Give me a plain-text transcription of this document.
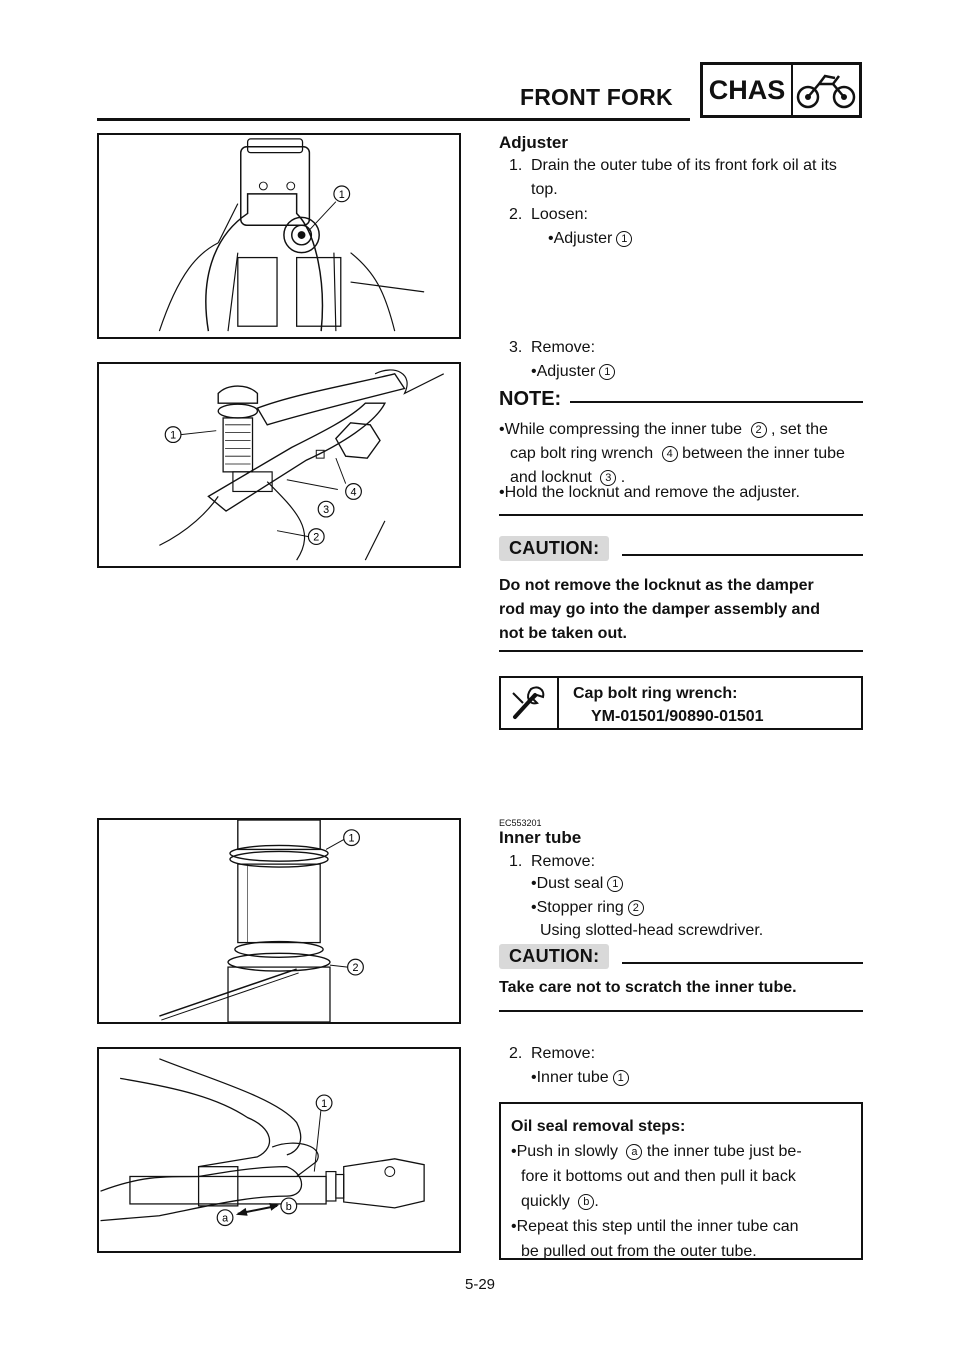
FRONT FORK CHAS
1
1
3
4
2
1
2
1
a
b
Adjuster
1. Drain the outer tube of its front fork oil at its
top.
2. Loosen:
•Adjuster 1
3. Remove:
•Adjuster 1
NOTE:
•While compressing the inner tube 2 , set the
cap bolt ring wrench 4 between the inner tube
and locknut 3 .
•Hold the locknut and remove the adjuster.
CAUTION:
Do not remove the locknut as the damper
rod may go into the damper assembly and
not be taken out.
Cap bolt ring wrench:
YM-01501/90890-01501
EC553201
Inner tube
1. Remove:
•Dust seal 1
•Stopper ring 2
Using slotted-head screwdriver.
CAUTION:
Take care not to scratch the inner tube.
2. Remove:
•Inner tube 1
Oil seal removal steps:
•Push in slowly a the inner tube just be-
fore it bottoms out and then pull it back
quickly b .
•Repeat this step until the inner tube can
be pulled out from the outer tube.
5-29
